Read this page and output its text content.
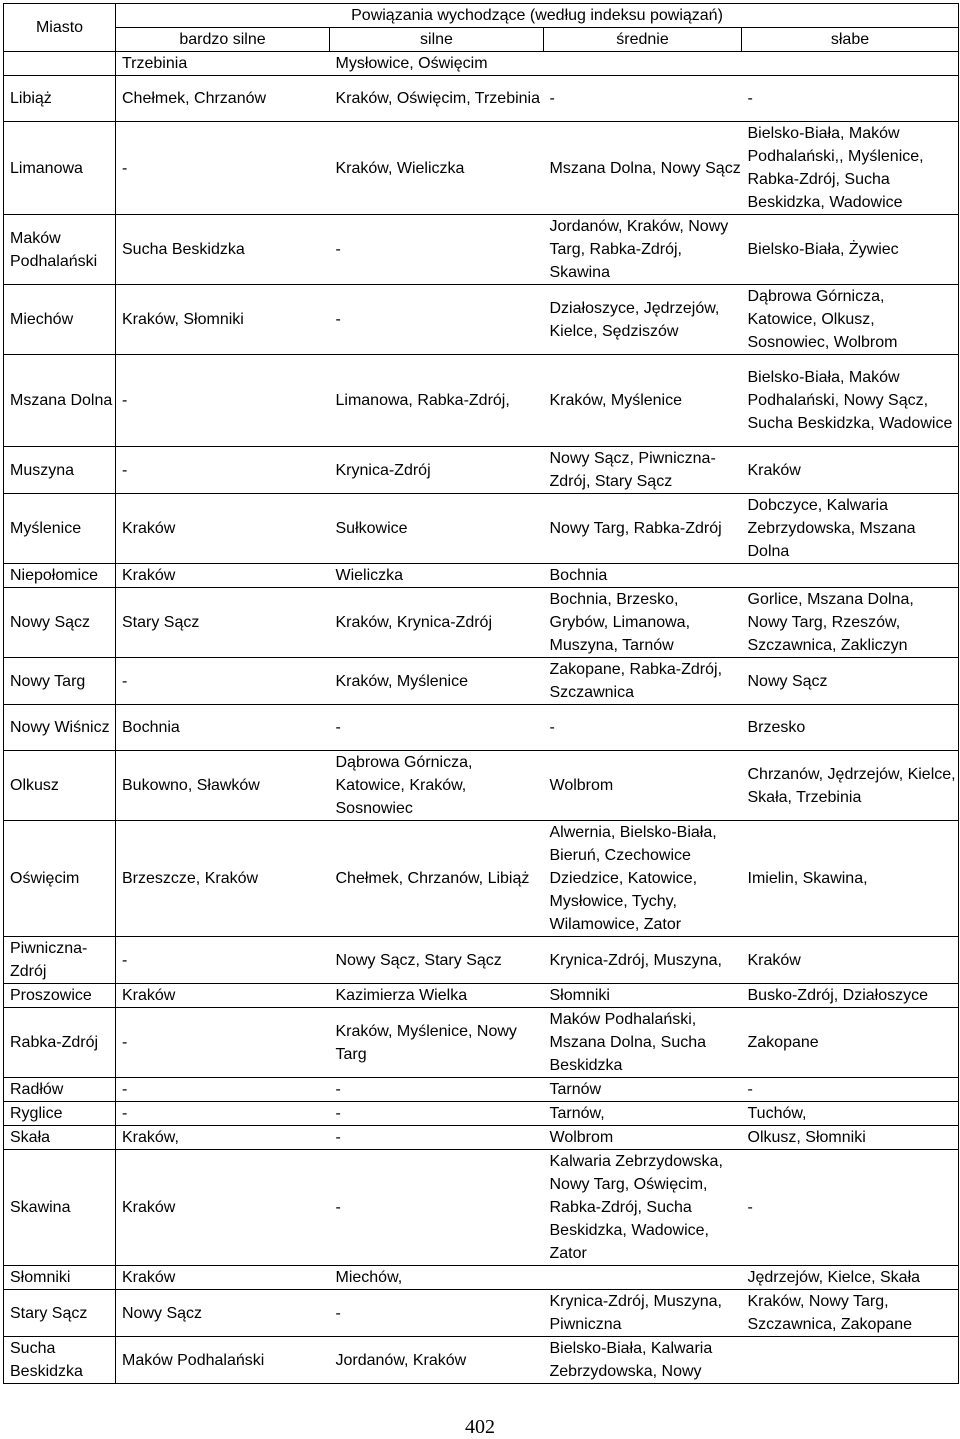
Miasto	Powiązania wychodzące (według indeksu powiązań)			
	bardzo silne	silne	średnie	słabe
	Trzebinia	Mysłowice, Oświęcim		
Libiąż	Chełmek, Chrzanów	Kraków, Oświęcim, Trzebinia	-	-
Limanowa	-	Kraków, Wieliczka	Mszana Dolna, Nowy Sącz	Bielsko-Biała, Maków Podhalański,, Myślenice, Rabka-Zdrój, Sucha Beskidzka, Wadowice
Maków Podhalański	Sucha Beskidzka	-	Jordanów, Kraków, Nowy Targ, Rabka-Zdrój, Skawina	Bielsko-Biała, Żywiec
Miechów	Kraków, Słomniki	-	Działoszyce, Jędrzejów, Kielce, Sędziszów	Dąbrowa Górnicza, Katowice, Olkusz, Sosnowiec, Wolbrom
Mszana Dolna	-	Limanowa, Rabka-Zdrój,	Kraków, Myślenice	Bielsko-Biała, Maków Podhalański, Nowy Sącz, Sucha Beskidzka, Wadowice
Muszyna	-	Krynica-Zdrój	Nowy Sącz, Piwniczna-Zdrój, Stary Sącz	Kraków
Myślenice	Kraków	Sułkowice	Nowy Targ, Rabka-Zdrój	Dobczyce, Kalwaria Zebrzydowska, Mszana Dolna
Niepołomice	Kraków	Wieliczka	Bochnia	
Nowy Sącz	Stary Sącz	Kraków, Krynica-Zdrój	Bochnia, Brzesko, Grybów, Limanowa, Muszyna, Tarnów	Gorlice, Mszana Dolna, Nowy Targ, Rzeszów, Szczawnica, Zakliczyn
Nowy Targ	-	Kraków, Myślenice	Zakopane, Rabka-Zdrój, Szczawnica	Nowy Sącz
Nowy Wiśnicz	Bochnia	-	-	Brzesko
Olkusz	Bukowno, Sławków	Dąbrowa Górnicza, Katowice, Kraków, Sosnowiec	Wolbrom	Chrzanów, Jędrzejów, Kielce, Skała, Trzebinia
Oświęcim	Brzeszcze, Kraków	Chełmek, Chrzanów, Libiąż	Alwernia, Bielsko-Biała, Bieruń, Czechowice Dziedzice, Katowice, Mysłowice, Tychy, Wilamowice, Zator	Imielin, Skawina,
Piwniczna-Zdrój	-	Nowy Sącz, Stary Sącz	Krynica-Zdrój, Muszyna,	Kraków
Proszowice	Kraków	Kazimierza Wielka	Słomniki	Busko-Zdrój, Działoszyce
Rabka-Zdrój	-	Kraków, Myślenice, Nowy Targ	Maków Podhalański, Mszana Dolna, Sucha Beskidzka	Zakopane
Radłów	-	-	Tarnów	-
Ryglice	-	-	Tarnów,	Tuchów,
Skała	Kraków,	-	Wolbrom	Olkusz, Słomniki
Skawina	Kraków	-	Kalwaria Zebrzydowska, Nowy Targ, Oświęcim, Rabka-Zdrój, Sucha Beskidzka, Wadowice, Zator	-
Słomniki	Kraków	Miechów,		Jędrzejów, Kielce, Skała
Stary Sącz	Nowy Sącz	-	Krynica-Zdrój, Muszyna, Piwniczna	Kraków, Nowy Targ, Szczawnica, Zakopane
Sucha Beskidzka	Maków Podhalański	Jordanów, Kraków	Bielsko-Biała, Kalwaria Zebrzydowska, Nowy	
402
